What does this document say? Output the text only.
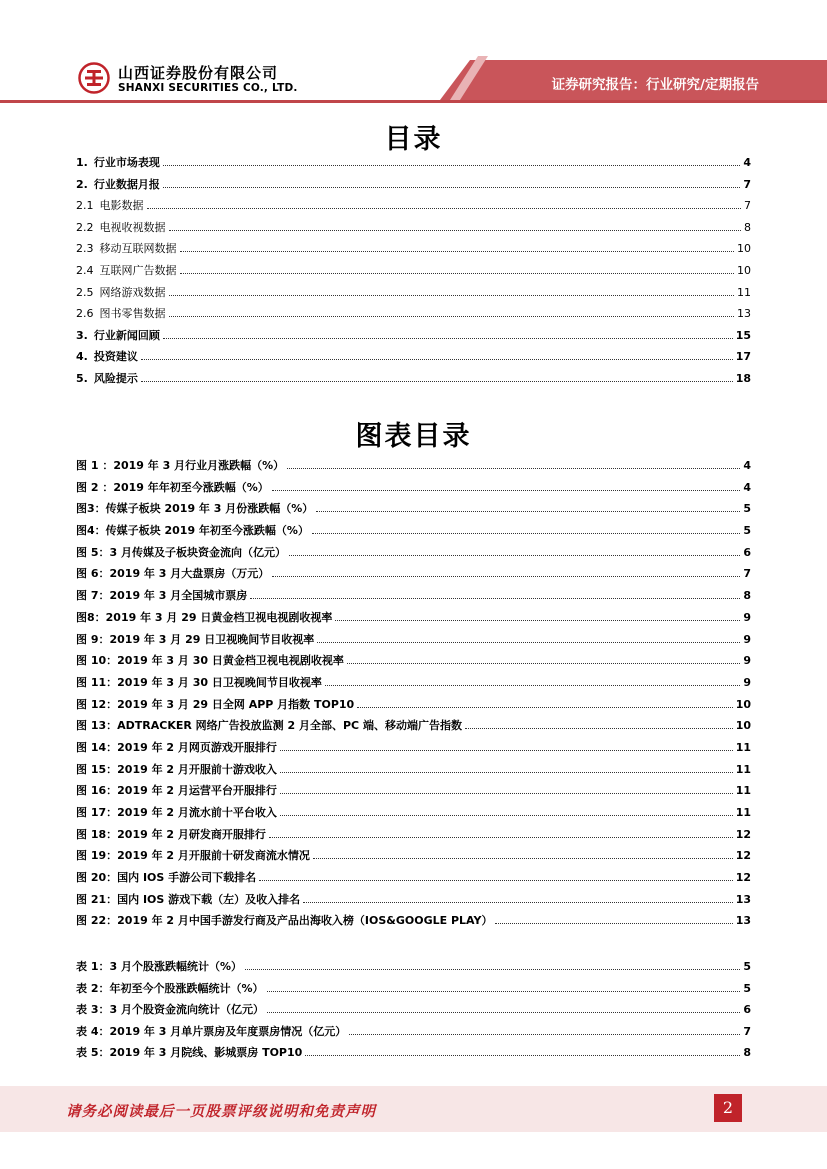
山西证券股份有限公司
SHANXI SECURITIES CO., LTD.	证券研究报告：行业研究/定期报告
目录
1. 行业市场表现	4
2. 行业数据月报	7
2.1 电影数据	7
2.2 电视收视数据	8
2.3 移动互联网数据	10
2.4 互联网广告数据	10
2.5 网络游戏数据	11
2.6 图书零售数据	13
3. 行业新闻回顾	15
4. 投资建议	17
5. 风险提示	18
图表目录
图 1 ：2019 年 3 月行业月涨跌幅（%）	4
图 2 ：2019 年年初至今涨跌幅（%）	4
图3：传媒子板块 2019 年 3 月份涨跌幅（%）	5
图4：传媒子板块 2019 年初至今涨跌幅（%）	5
图 5：3 月传媒及子板块资金流向（亿元）	6
图 6：2019 年 3 月大盘票房（万元）	7
图 7：2019 年 3 月全国城市票房	8
图8：2019 年 3 月 29 日黄金档卫视电视剧收视率	9
图 9：2019 年 3 月 29 日卫视晚间节目收视率	9
图 10：2019 年 3 月 30 日黄金档卫视电视剧收视率	9
图 11：2019 年 3 月 30 日卫视晚间节目收视率	9
图 12：2019 年 3 月 29 日全网 APP 月指数 TOP10	10
图 13：ADTRACKER 网络广告投放监测 2 月全部、PC 端、移动端广告指数	10
图 14：2019 年 2 月网页游戏开服排行	11
图 15：2019 年 2 月开服前十游戏收入	11
图 16：2019 年 2 月运营平台开服排行	11
图 17：2019 年 2 月流水前十平台收入	11
图 18：2019 年 2 月研发商开服排行	12
图 19：2019 年 2 月开服前十研发商流水情况	12
图 20：国内 IOS 手游公司下载排名	12
图 21：国内 IOS 游戏下载（左）及收入排名	13
图 22：2019 年 2 月中国手游发行商及产品出海收入榜（IOS&GOOGLE PLAY）	13
表 1：3 月个股涨跌幅统计（%）	5
表 2：年初至今个股涨跌幅统计（%）	5
表 3：3 月个股资金流向统计（亿元）	6
表 4：2019 年 3 月单片票房及年度票房情况（亿元）	7
表 5：2019 年 3 月院线、影城票房 TOP10	8
请务必阅读最后一页股票评级说明和免责声明	2
